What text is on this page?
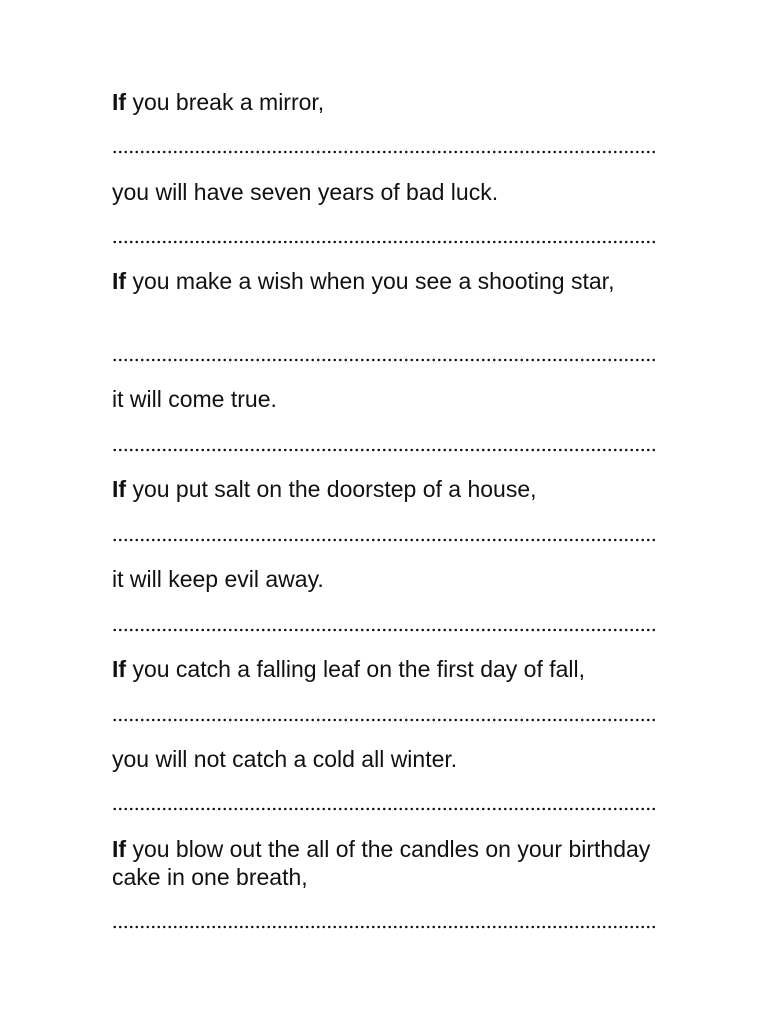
If you break a mirror,
you will have seven years of bad luck.
If you make a wish when you see a shooting star,
it will come true.
If you put salt on the doorstep of a house,
it will keep evil away.
If you catch a falling leaf on the first day of fall,
you will not catch a cold all winter.
If you blow out the all of the candles on your birthday cake in one breath,
